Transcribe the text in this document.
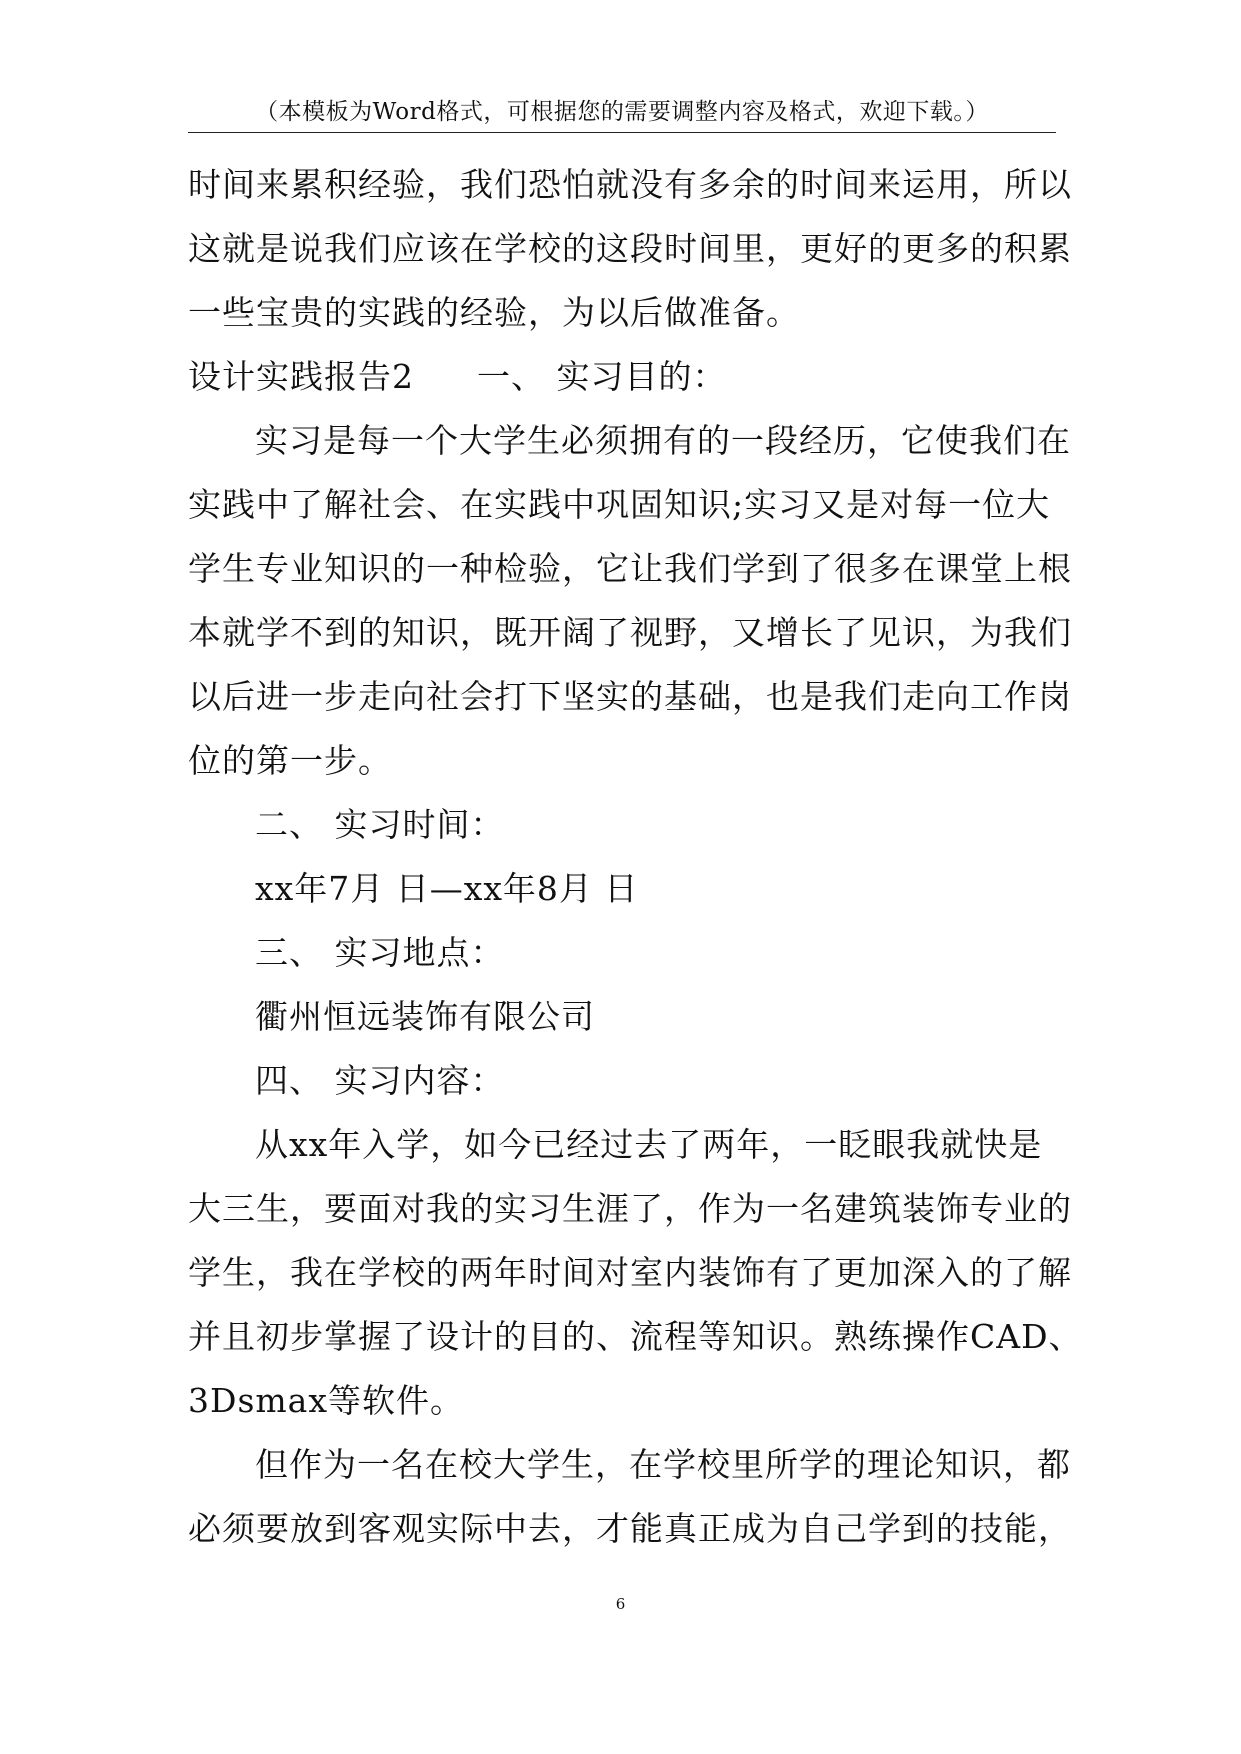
（本模板为Word格式，可根据您的需要调整内容及格式，欢迎下载。）
时间来累积经验，我们恐怕就没有多余的时间来运用，所以
这就是说我们应该在学校的这段时间里，更好的更多的积累
一些宝贵的实践的经验，为以后做准备。
设计实践报告2 一、 实习目的：
实习是每一个大学生必须拥有的一段经历，它使我们在
实践中了解社会、在实践中巩固知识;实习又是对每一位大
学生专业知识的一种检验，它让我们学到了很多在课堂上根
本就学不到的知识，既开阔了视野，又增长了见识，为我们
以后进一步走向社会打下坚实的基础，也是我们走向工作岗
位的第一步。
二、 实习时间：
xx年7月 日—xx年8月 日
三、 实习地点：
衢州恒远装饰有限公司
四、 实习内容：
从xx年入学，如今已经过去了两年，一眨眼我就快是
大三生，要面对我的实习生涯了，作为一名建筑装饰专业的
学生，我在学校的两年时间对室内装饰有了更加深入的了解
并且初步掌握了设计的目的、流程等知识。熟练操作CAD、
3Dsmax等软件。
但作为一名在校大学生，在学校里所学的理论知识，都
必须要放到客观实际中去，才能真正成为自己学到的技能，
6
